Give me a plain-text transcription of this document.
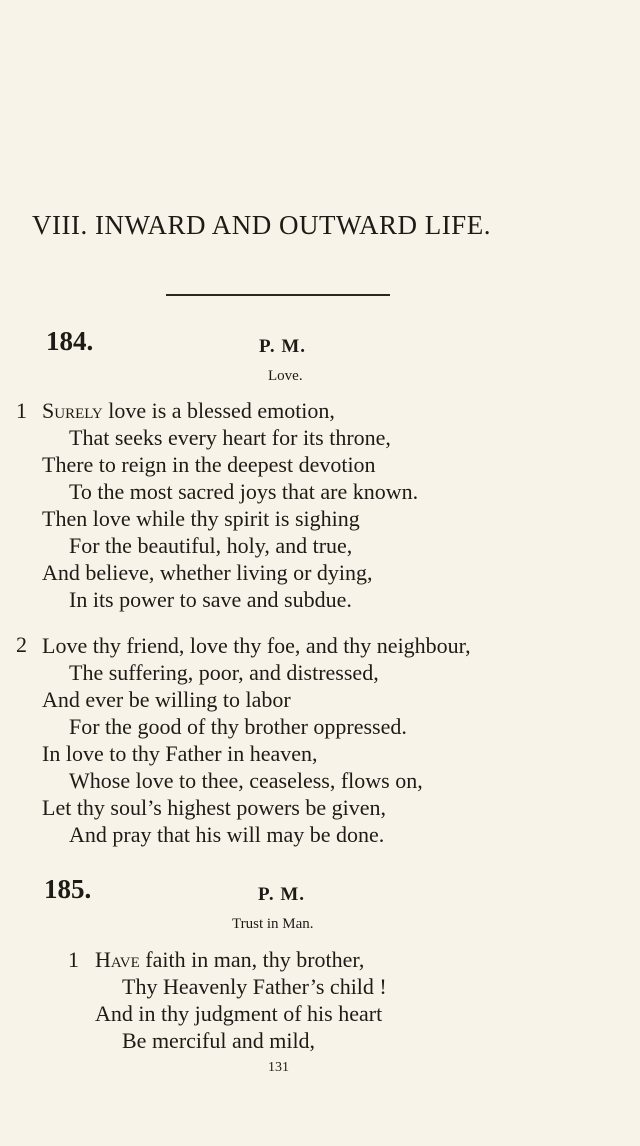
VIII. INWARD AND OUTWARD LIFE.
184.	P. M.
Love.
1 Surely love is a blessed emotion,
That seeks every heart for its throne,
There to reign in the deepest devotion
To the most sacred joys that are known.
Then love while thy spirit is sighing
For the beautiful, holy, and true,
And believe, whether living or dying,
In its power to save and subdue.
2 Love thy friend, love thy foe, and thy neighbour,
The suffering, poor, and distressed,
And ever be willing to labor
For the good of thy brother oppressed.
In love to thy Father in heaven,
Whose love to thee, ceaseless, flows on,
Let thy soul’s highest powers be given,
And pray that his will may be done.
185.	P. M.
Trust in Man.
1 Have faith in man, thy brother,
Thy Heavenly Father’s child !
And in thy judgment of his heart
Be merciful and mild,
131
